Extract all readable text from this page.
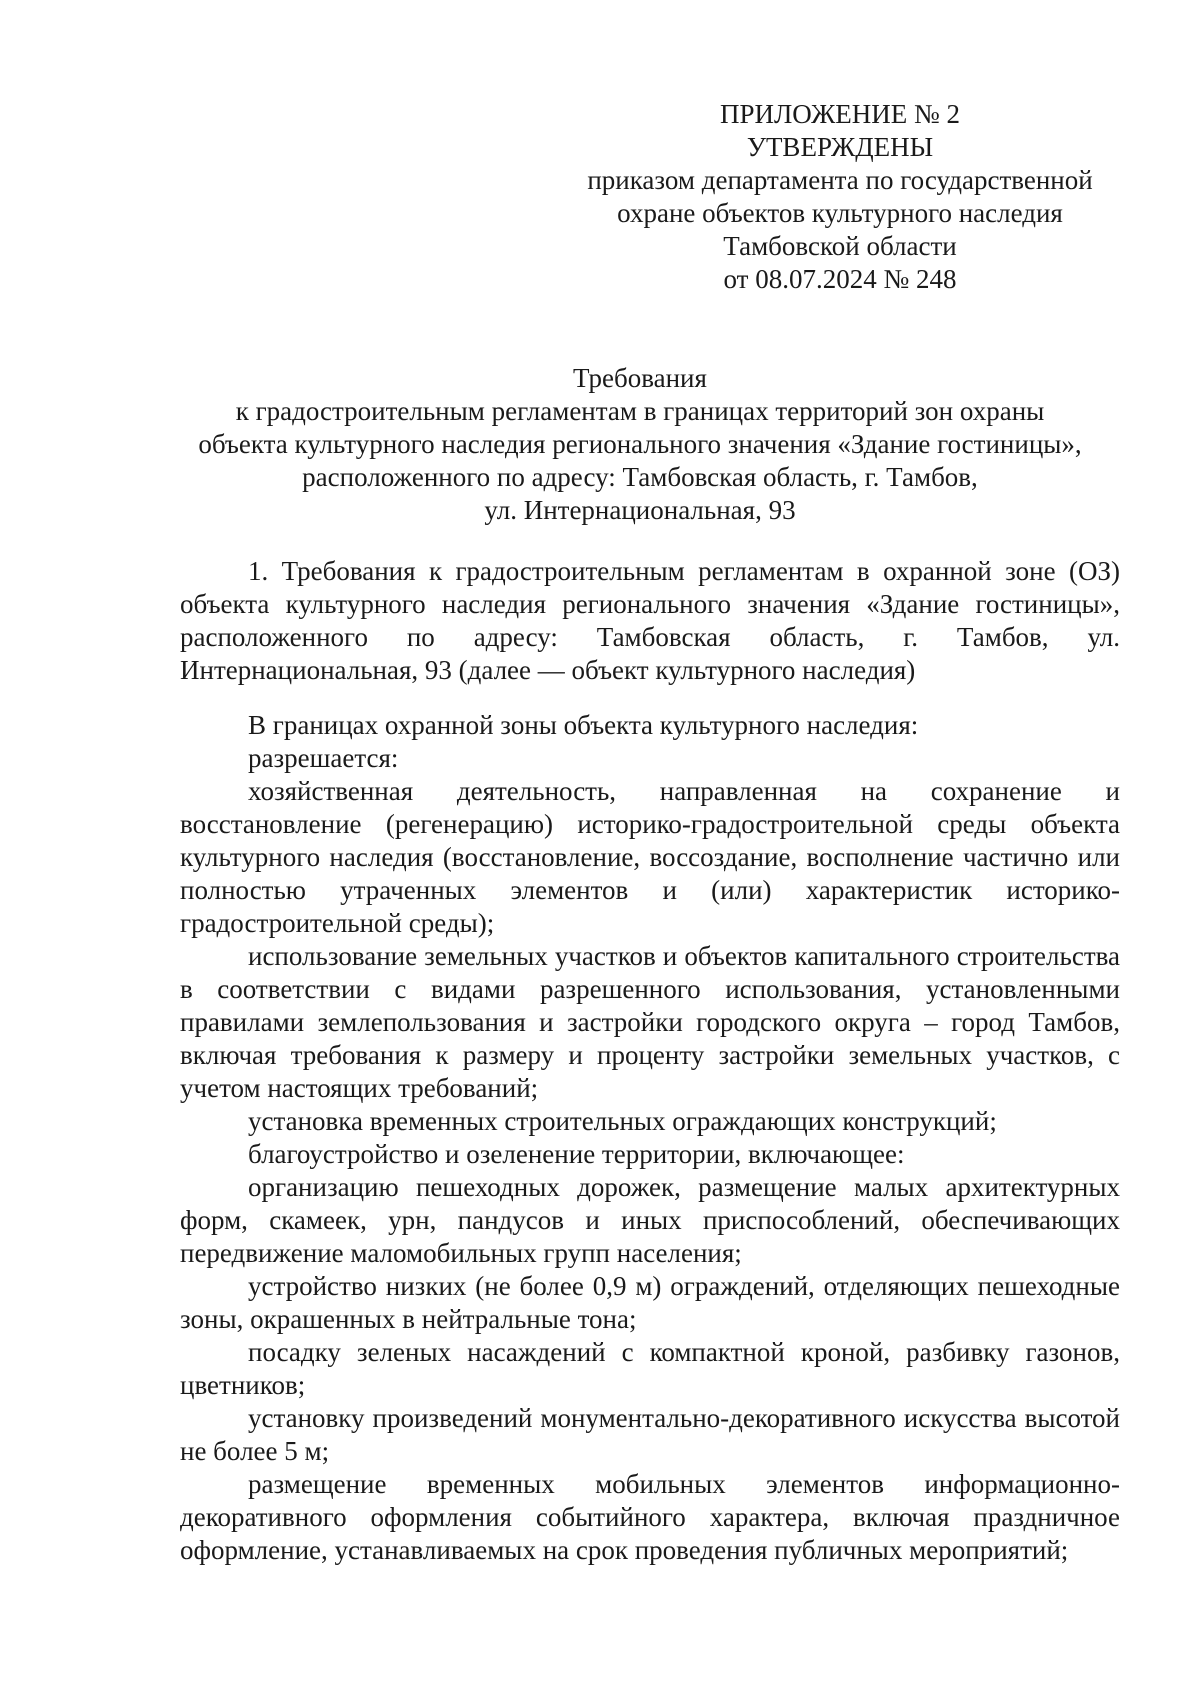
ПРИЛОЖЕНИЕ № 2
УТВЕРЖДЕНЫ
приказом департамента по государственной
охране объектов культурного наследия
Тамбовской области
от 08.07.2024 № 248
Требования
к градостроительным регламентам в границах территорий зон охраны
объекта культурного наследия регионального значения «Здание гостиницы»,
расположенного по адресу: Тамбовская область, г. Тамбов,
ул. Интернациональная, 93

1. Требования к градостроительным регламентам в охранной зоне (ОЗ) объекта культурного наследия регионального значения «Здание гостиницы», расположенного по адресу: Тамбовская область, г. Тамбов, ул. Интернациональная, 93 (далее — объект культурного наследия)

В границах охранной зоны объекта культурного наследия:

разрешается:

хозяйственная деятельность, направленная на сохранение и восстановление (регенерацию) историко-градостроительной среды объекта культурного наследия (восстановление, воссоздание, восполнение частично или полностью утраченных элементов и (или) характеристик историко-градостроительной среды);

использование земельных участков и объектов капитального строительства в соответствии с видами разрешенного использования, установленными правилами землепользования и застройки городского округа – город Тамбов, включая требования к размеру и проценту застройки земельных участков, с учетом настоящих требований;

установка временных строительных ограждающих конструкций;

благоустройство и озеленение территории, включающее:

организацию пешеходных дорожек, размещение малых архитектурных форм, скамеек, урн, пандусов и иных приспособлений, обеспечивающих передвижение маломобильных групп населения;

устройство низких (не более 0,9 м) ограждений, отделяющих пешеходные зоны, окрашенных в нейтральные тона;

посадку зеленых насаждений с компактной кроной, разбивку газонов, цветников;

установку произведений монументально-декоративного искусства высотой не более 5 м;

размещение временных мобильных элементов информационно-декоративного оформления событийного характера, включая праздничное оформление, устанавливаемых на срок проведения публичных мероприятий;
